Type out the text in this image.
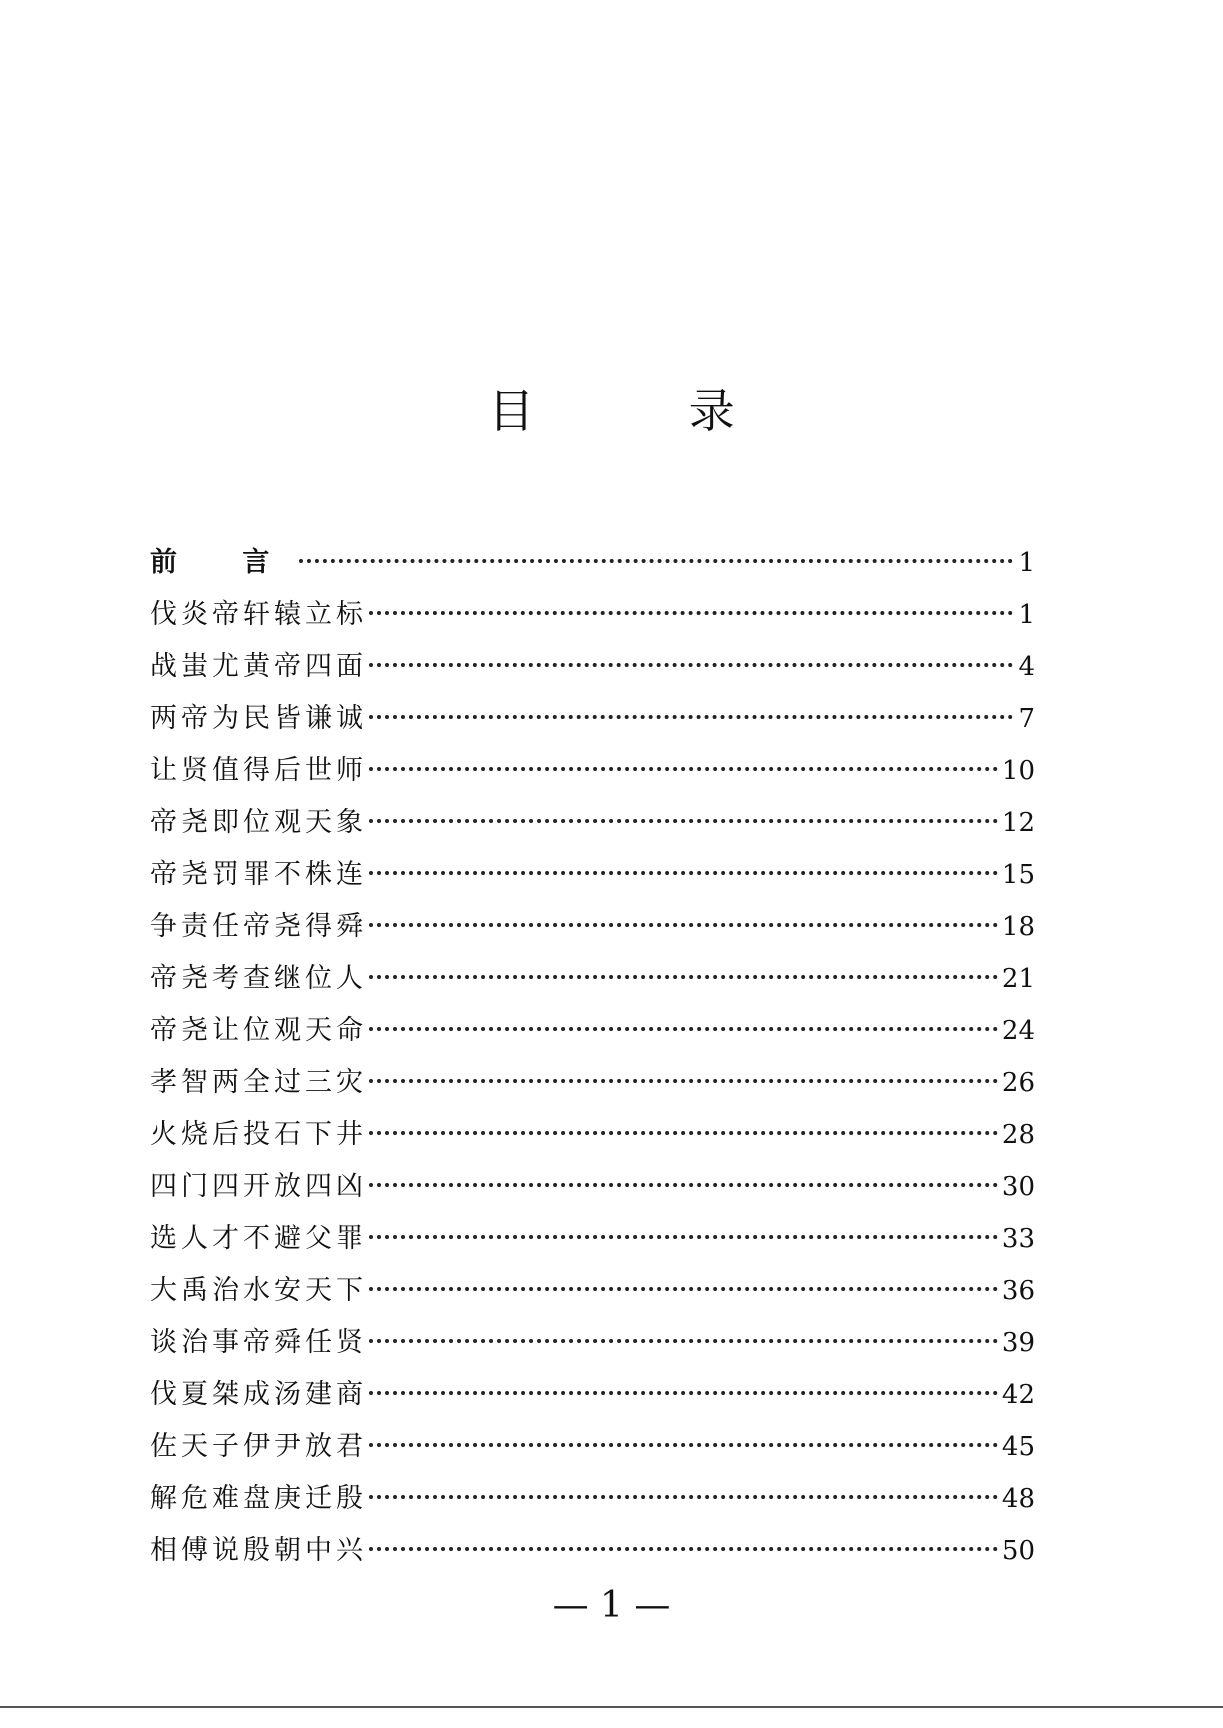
目 录
前 言	1
伐炎帝轩辕立标	1
战蚩尤黄帝四面	4
两帝为民皆谦诚	7
让贤值得后世师	10
帝尧即位观天象	12
帝尧罚罪不株连	15
争责任帝尧得舜	18
帝尧考查继位人	21
帝尧让位观天命	24
孝智两全过三灾	26
火烧后投石下井	28
四门四开放四凶	30
选人才不避父罪	33
大禹治水安天下	36
谈治事帝舜任贤	39
伐夏桀成汤建商	42
佐天子伊尹放君	45
解危难盘庚迁殷	48
相傅说殷朝中兴	50
— 1 —
